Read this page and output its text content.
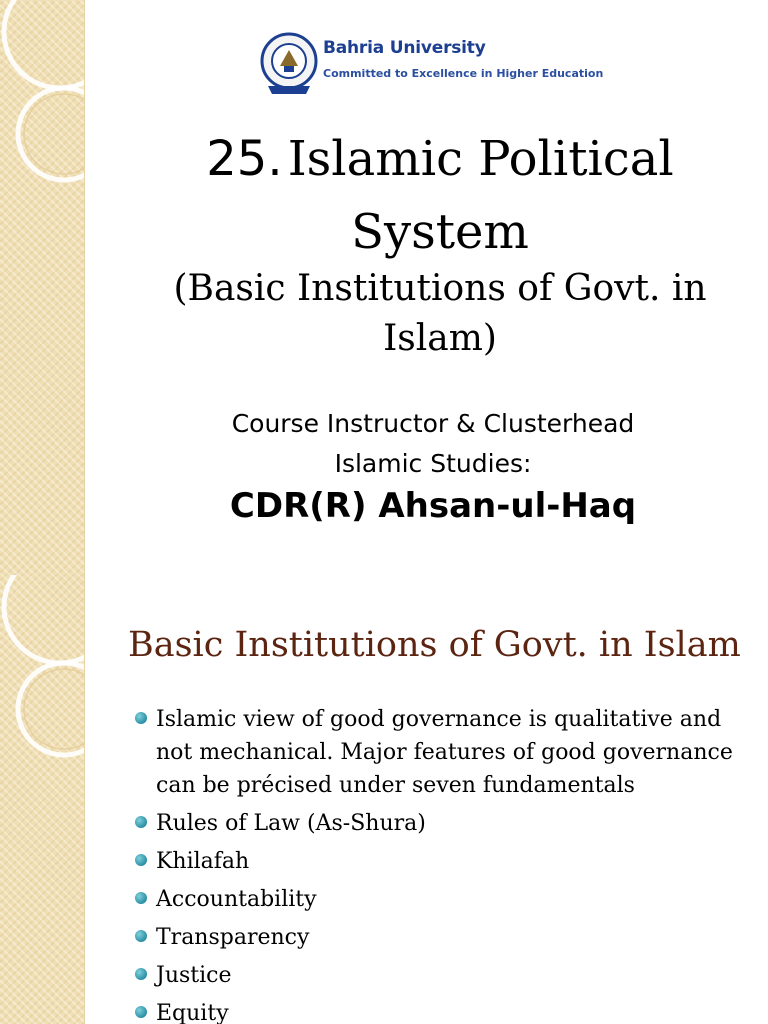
Bahria University
Committed to Excellence in Higher Education
25. Islamic Political System
(Basic Institutions of Govt. in Islam)
Course Instructor & Clusterhead
Islamic Studies:
CDR(R) Ahsan-ul-Haq
Basic Institutions of Govt. in Islam
Islamic view of good governance is qualitative and not mechanical. Major features of good governance can be précised under seven fundamentals
Rules of Law (As-Shura)
Khilafah
Accountability
Transparency
Justice
Equity
